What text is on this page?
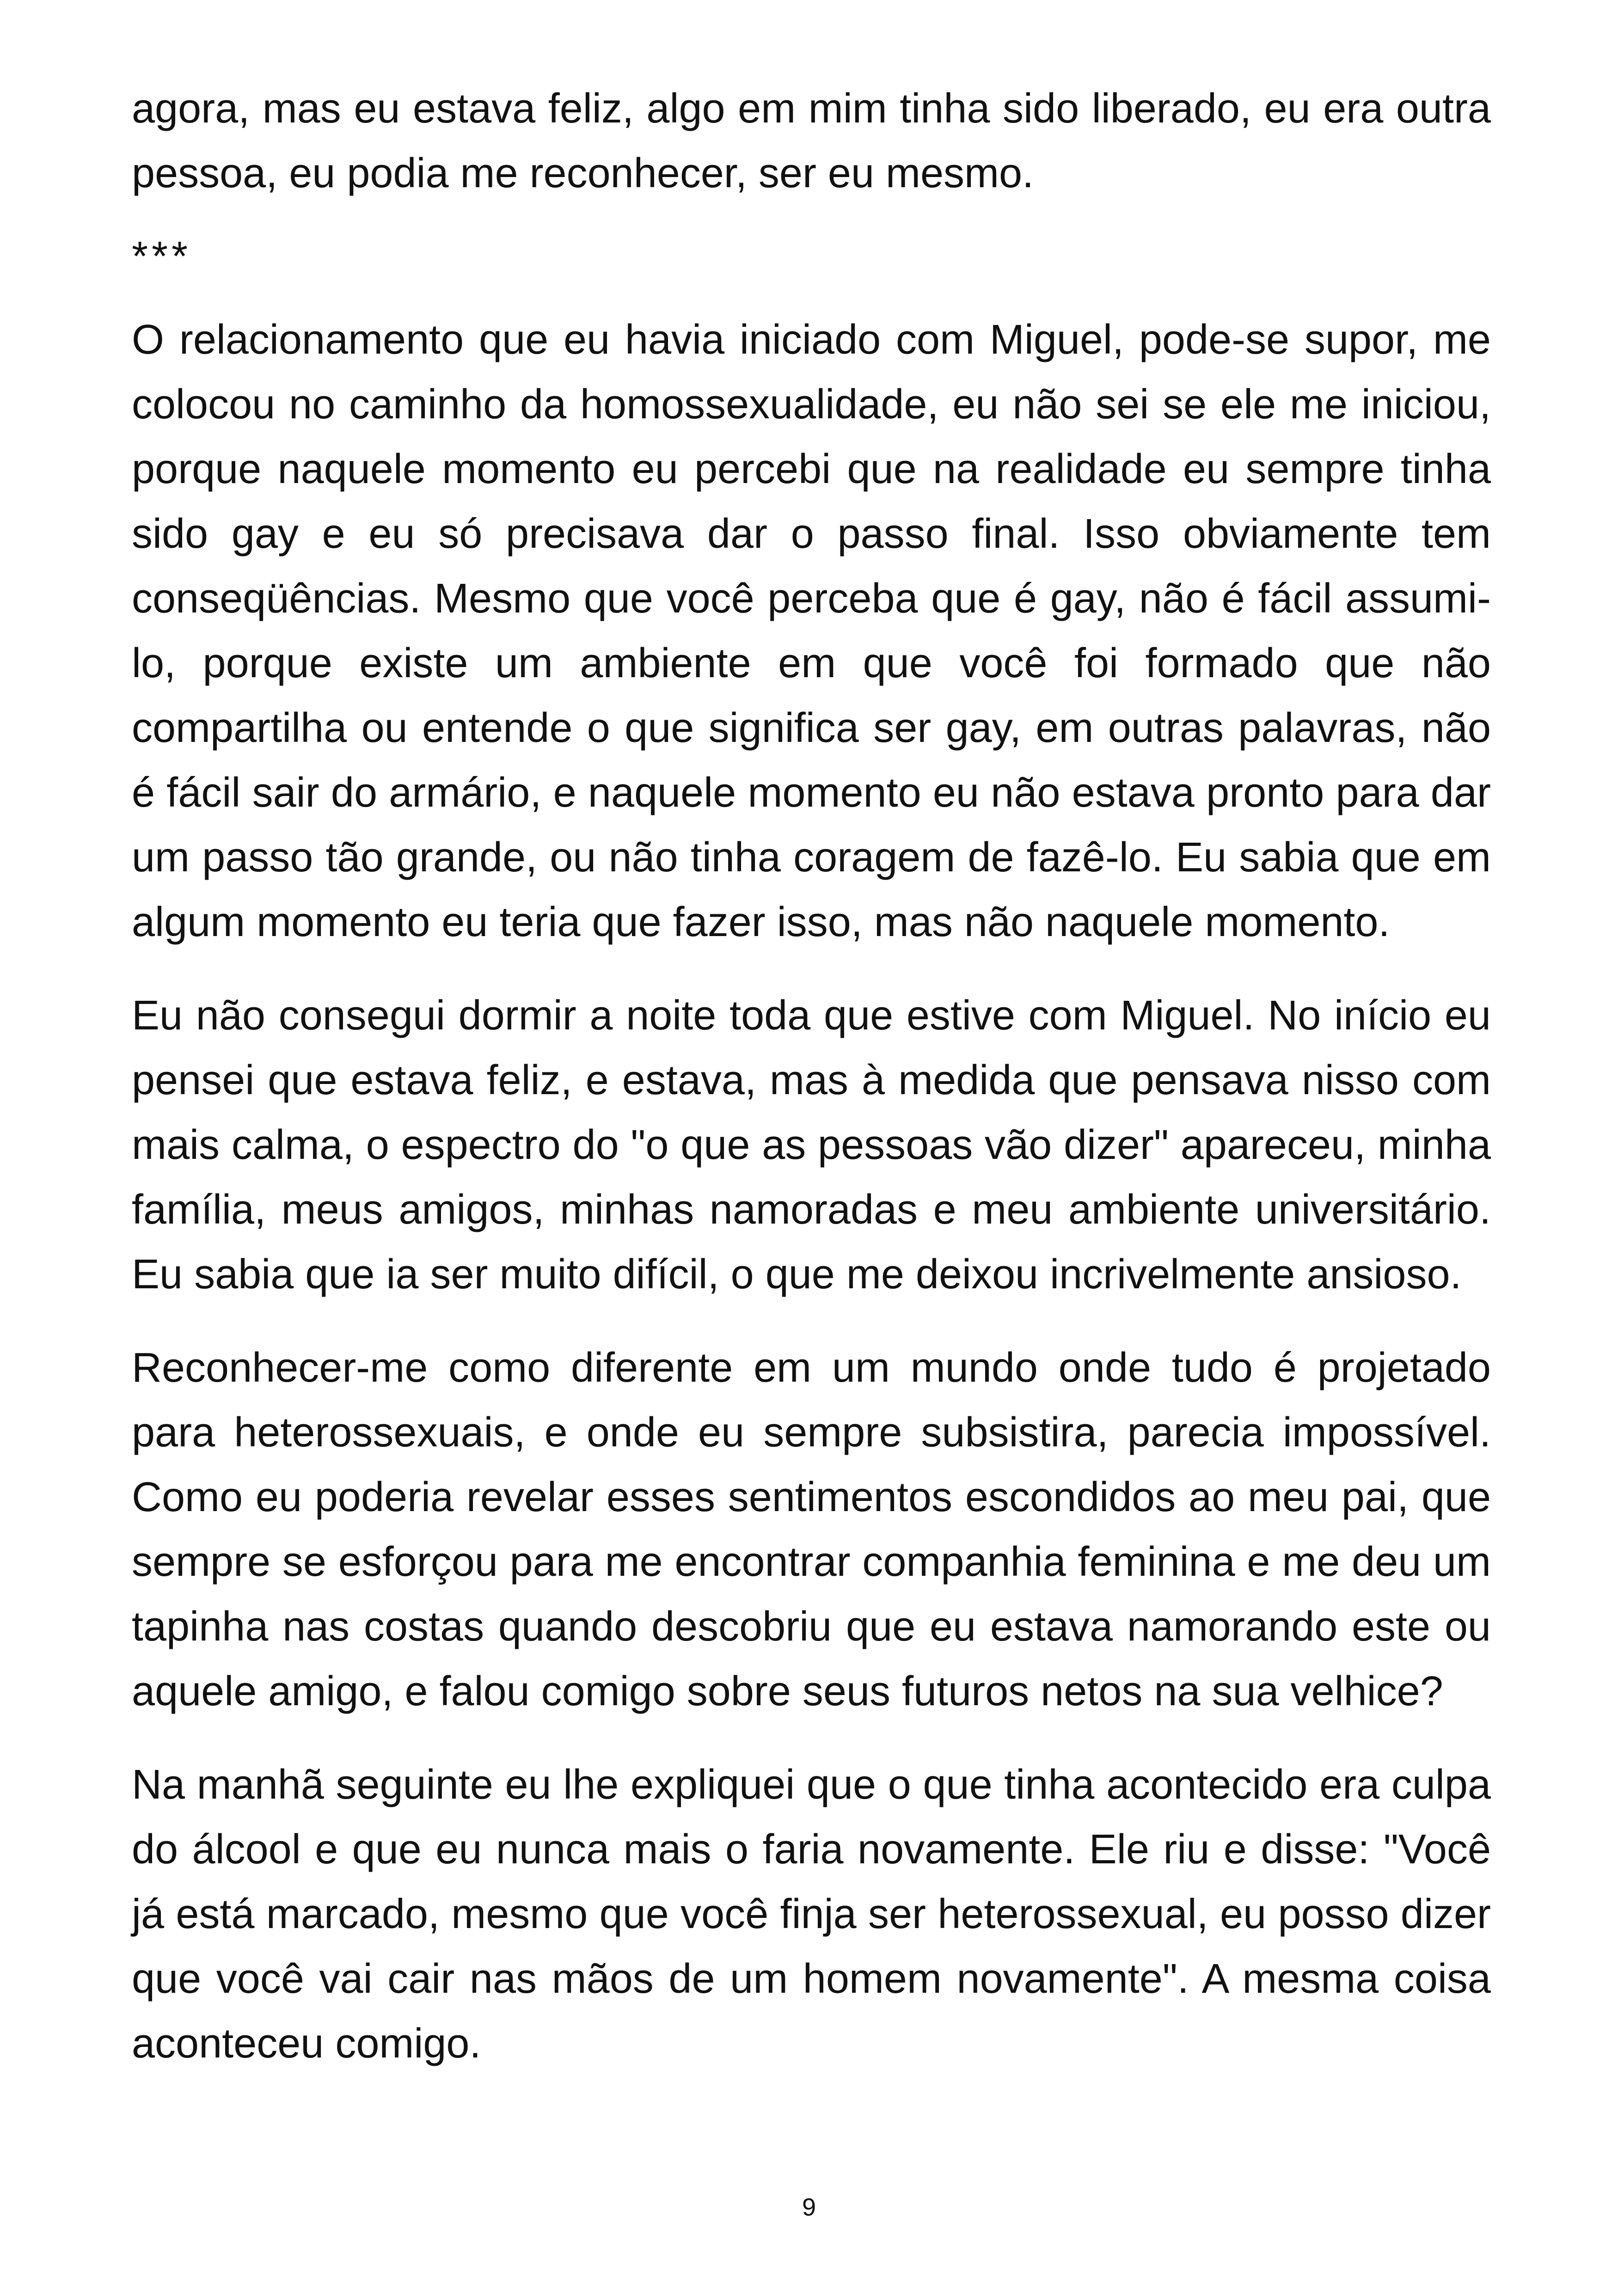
agora, mas eu estava feliz, algo em mim tinha sido liberado, eu era outra pessoa, eu podia me reconhecer, ser eu mesmo.

***

O relacionamento que eu havia iniciado com Miguel, pode-se supor, me colocou no caminho da homossexualidade, eu não sei se ele me iniciou, porque naquele momento eu percebi que na realidade eu sempre tinha sido gay e eu só precisava dar o passo final. Isso obviamente tem conseqüências. Mesmo que você perceba que é gay, não é fácil assumi-lo, porque existe um ambiente em que você foi formado que não compartilha ou entende o que significa ser gay, em outras palavras, não é fácil sair do armário, e naquele momento eu não estava pronto para dar um passo tão grande, ou não tinha coragem de fazê-lo. Eu sabia que em algum momento eu teria que fazer isso, mas não naquele momento.

Eu não consegui dormir a noite toda que estive com Miguel. No início eu pensei que estava feliz, e estava, mas à medida que pensava nisso com mais calma, o espectro do "o que as pessoas vão dizer" apareceu, minha família, meus amigos, minhas namoradas e meu ambiente universitário. Eu sabia que ia ser muito difícil, o que me deixou incrivelmente ansioso.

Reconhecer-me como diferente em um mundo onde tudo é projetado para heterossexuais, e onde eu sempre subsistira, parecia impossível. Como eu poderia revelar esses sentimentos escondidos ao meu pai, que sempre se esforçou para me encontrar companhia feminina e me deu um tapinha nas costas quando descobriu que eu estava namorando este ou aquele amigo, e falou comigo sobre seus futuros netos na sua velhice?

Na manhã seguinte eu lhe expliquei que o que tinha acontecido era culpa do álcool e que eu nunca mais o faria novamente. Ele riu e disse: "Você já está marcado, mesmo que você finja ser heterossexual, eu posso dizer que você vai cair nas mãos de um homem novamente". A mesma coisa aconteceu comigo.

9
